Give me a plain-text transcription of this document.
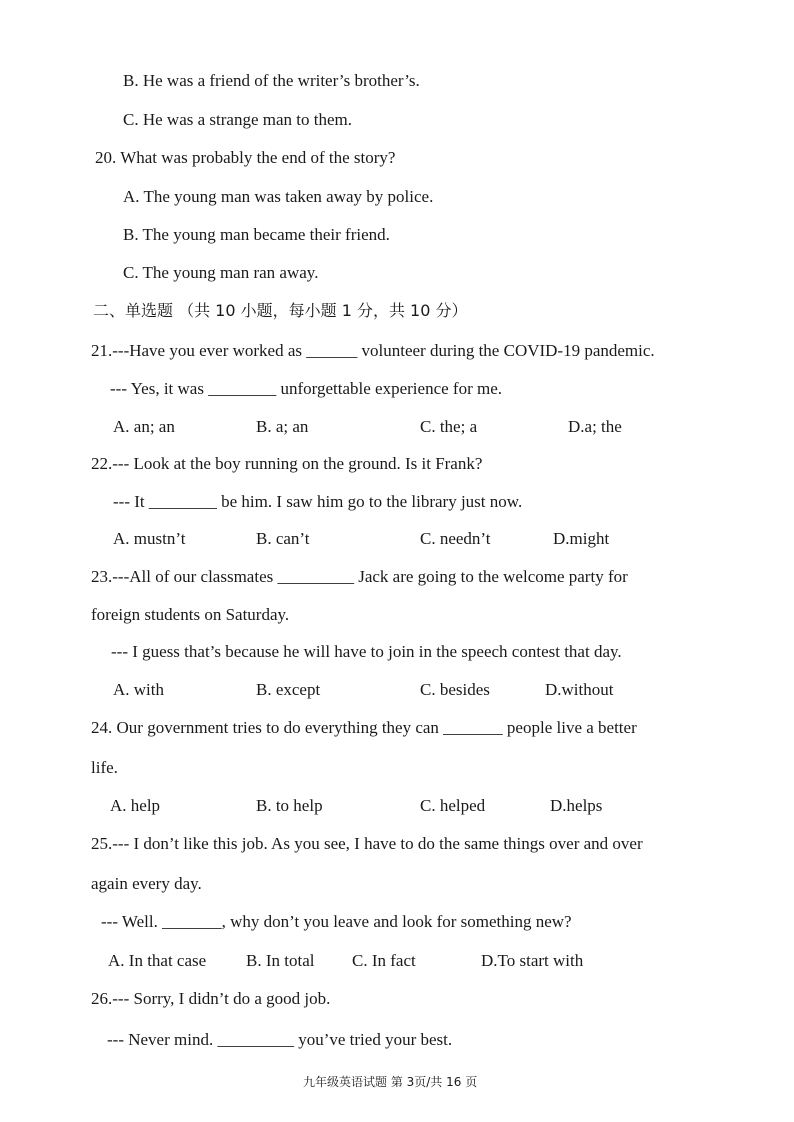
B. He was a friend of the writer’s brother’s.
C. He was a strange man to them.
20. What was probably the end of the story?
A. The young man was taken away by police.
B. The young man became their friend.
C. The young man ran away.
二、单选题 （共 10 小题，每小题 1 分，共 10 分）
21.---Have you ever worked as ______ volunteer during the COVID-19 pandemic.
--- Yes, it was ________ unforgettable experience for me.
A. an; an	B. a; an	C. the; a	D.a; the
22.--- Look at the boy running on the ground. Is it Frank?
--- It ________ be him. I saw him go to the library just now.
A. mustn’t	B. can’t	C. needn’t	D.might
23.---All of our classmates _________ Jack are going to the welcome party for
foreign students on Saturday.
--- I guess that’s because he will have to join in the speech contest that day.
A. with	B. except	C. besides	D.without
24. Our government tries to do everything they can _______ people live a better
life.
A. help	B. to help	C. helped	D.helps
25.--- I don’t like this job. As you see, I have to do the same things over and over
again every day.
--- Well. _______, why don’t you leave and look for something new?
A. In that case B. In total C. In fact	D.To start with
26.--- Sorry, I didn’t do a good job.
--- Never mind. _________ you’ve tried your best.
九年级英语试题 第 3页/共 16 页
